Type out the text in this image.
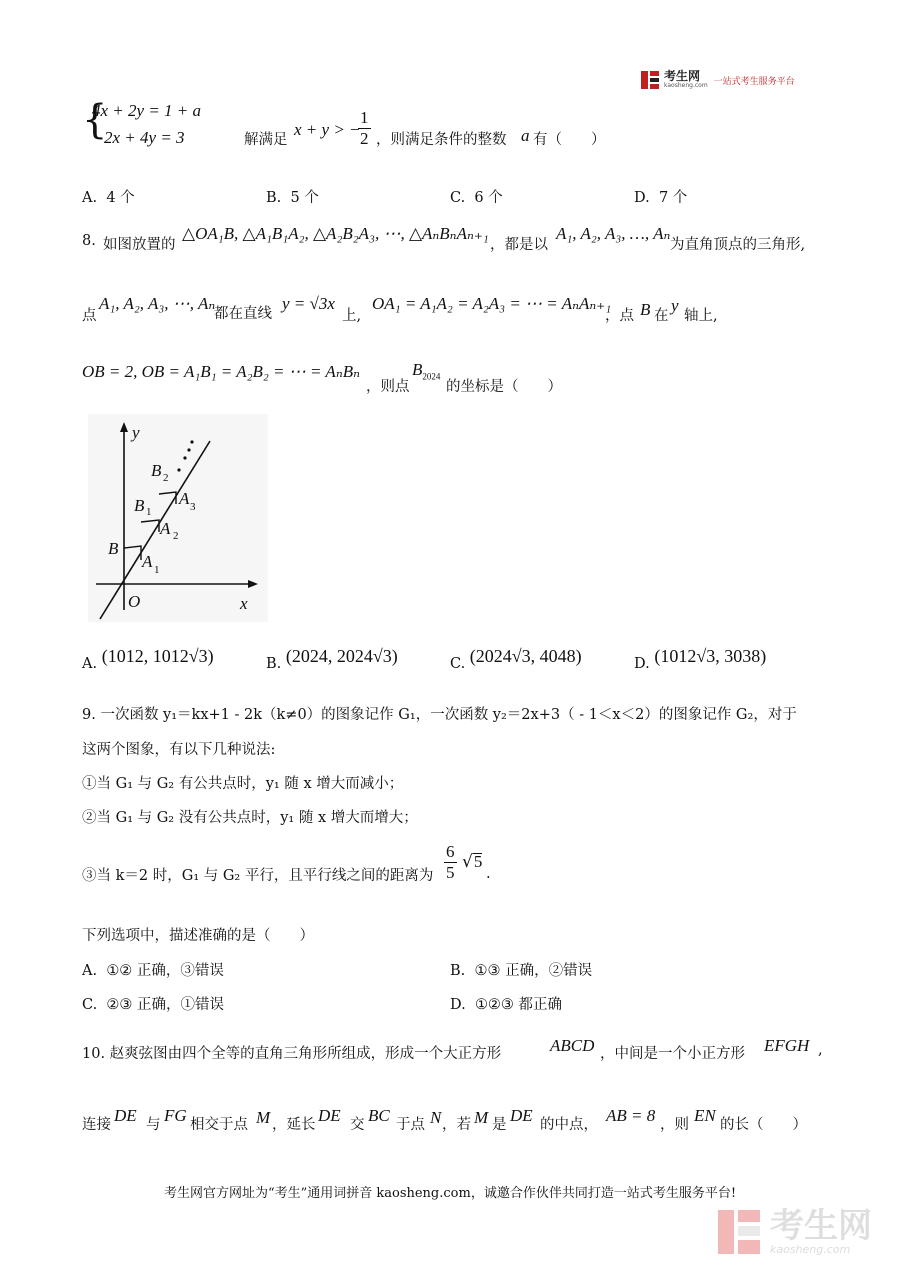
考生网
kaosheng.com 一站式考生服务平台
{
4x + 2y = 1 + a
2x + 4y = 3	解满足
x + y > −
$\frac{1}{2}$ ，则满足条件的整数 a 有（　　）
A. 4 个	B. 5 个	C. 6 个	D. 7 个
8. 如图放置的
△OA₁B, △A₁B₁A₂, △A₂B₂A₃, ⋯, △AₙBₙAₙ₊₁
，都是以
A₁, A₂, A₃, …, Aₙ
为直角顶点的三角形,
点
A₁, A₂, A₃, ⋯, Aₙ
都在直线
y = √3x
上,
OA₁ = A₁A₂ = A₂A₃ = ⋯ = AₙAₙ₊₁
，点 B 在
y
轴上,
OB = 2, OB = A₁B₁ = A₂B₂ = ⋯ = AₙBₙ
，则点
$B_{2024}$
的坐标是（　　）
y
x
O
B
A
B
A
B
A
1
1
2
2
3
A. (1012, 1012√3)	B. (2024, 2024√3)	C. (2024√3, 4048)	D. (1012√3, 3038)
9. 一次函数 y₁＝kx+1 - 2k（k≠0）的图象记作 G₁，一次函数 y₂＝2x+3（ - 1＜x＜2）的图象记作 G₂，对于
这两个图象，有以下几种说法:
①当 G₁ 与 G₂ 有公共点时，y₁ 随 x 增大而减小；
②当 G₁ 与 G₂ 没有公共点时，y₁ 随 x 增大而增大；
③当 k＝2 时，G₁ 与 G₂ 平行，且平行线之间的距离为 $\frac{6}{5} √5$
.
下列选项中，描述准确的是（　　）
A. ①② 正确，③错误	B. ①③ 正确，②错误
C. ②③ 正确，①错误	D. ①②③ 都正确
10. 赵爽弦图由四个全等的直角三角形所组成，形成一个大正方形	ABCD ，中间是一个小正方形 EFGH ,
连接 DE 与 FG 相交于点 M ，延长 DE 交 BC 于点 N ，若 M 是 DE 的中点， AB = 8 ，则 EN 的长（　　）
考生网官方网址为“考生”通用词拼音 kaosheng.com，诚邀合作伙伴共同打造一站式考生服务平台!
考生网
kaosheng.com
